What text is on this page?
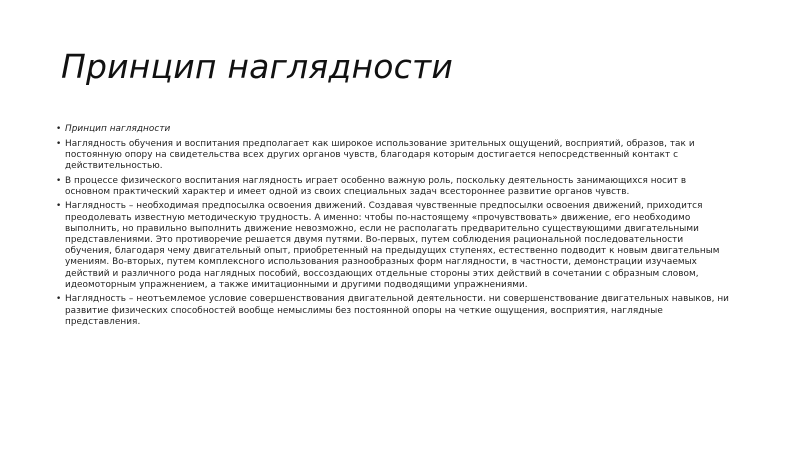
Принцип наглядности
• Принцип наглядности
• Наглядность обучения и воспитания предполагает как широкое использование зрительных ощущений, восприятий, образов, так и постоянную опору на свидетельства всех других органов чувств, благодаря которым достигается непосредственный контакт с действительностью.
• В процессе физического воспитания наглядность играет особенно важную роль, поскольку деятельность занимающихся носит в основном практический характер и имеет одной из своих специальных задач всестороннее развитие органов чувств.
• Наглядность – необходимая предпосылка освоения движений. Создавая чувственные предпосылки освоения движений, приходится преодолевать известную методическую трудность. А именно: чтобы по-настоящему «прочувствовать» движение, его необходимо выполнить, но правильно выполнить движение невозможно, если не располагать предварительно существующими двигательными представлениями. Это противоречие решается двумя путями. Во-первых, путем соблюдения рациональной последовательности обучения, благодаря чему двигательный опыт, приобретенный на предыдущих ступенях, естественно подводит к новым двигательным умениям. Во-вторых, путем комплексного использования разнообразных форм наглядности, в частности, демонстрации изучаемых действий и различного рода наглядных пособий, воссоздающих отдельные стороны этих действий в сочетании с образным словом, идеомоторным упражнением, а также имитационными и другими подводящими упражнениями.
• Наглядность – неотъемлемое условие совершенствования двигательной деятельности. ни совершенствование двигательных навыков, ни развитие физических способностей вообще немыслимы без постоянной опоры на четкие ощущения, восприятия, наглядные представления.
